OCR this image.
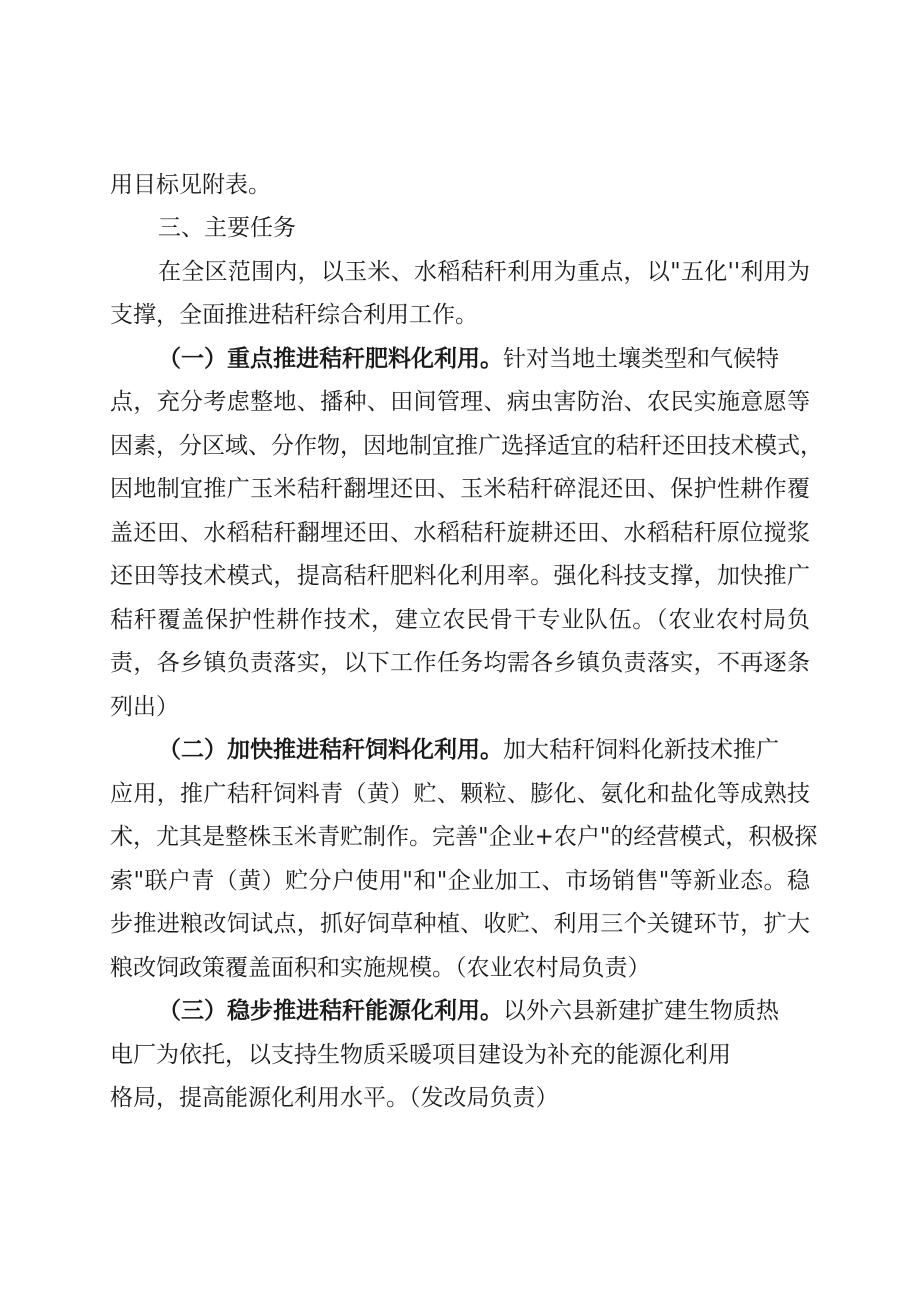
用目标见附表。
三、主要任务
在全区范围内，以玉米、水稻秸秆利用为重点，以"五化''利用为
支撑，全面推进秸秆综合利用工作。
（一）重点推进秸秆肥料化利用。针对当地土壤类型和气候特
点，充分考虑整地、播种、田间管理、病虫害防治、农民实施意愿等
因素，分区域、分作物，因地制宜推广选择适宜的秸秆还田技术模式，
因地制宜推广玉米秸秆翻埋还田、玉米秸秆碎混还田、保护性耕作覆
盖还田、水稻秸秆翻埋还田、水稻秸秆旋耕还田、水稻秸秆原位搅浆
还田等技术模式，提高秸秆肥料化利用率。强化科技支撑，加快推广
秸秆覆盖保护性耕作技术，建立农民骨干专业队伍。（农业农村局负
责，各乡镇负责落实，以下工作任务均需各乡镇负责落实，不再逐条
列出）
（二）加快推进秸秆饲料化利用。加大秸秆饲料化新技术推广
应用，推广秸秆饲料青（黄）贮、颗粒、膨化、氨化和盐化等成熟技
术，尤其是整株玉米青贮制作。完善"企业+农户"的经营模式，积极探
索"联户青（黄）贮分户使用"和"企业加工、市场销售"等新业态。稳
步推进粮改饲试点，抓好饲草种植、收贮、利用三个关键环节，扩大
粮改饲政策覆盖面积和实施规模。（农业农村局负责）
（三）稳步推进秸秆能源化利用。以外六县新建扩建生物质热
电厂为依托，以支持生物质采暖项目建设为补充的能源化利用
格局，提高能源化利用水平。（发改局负责）
